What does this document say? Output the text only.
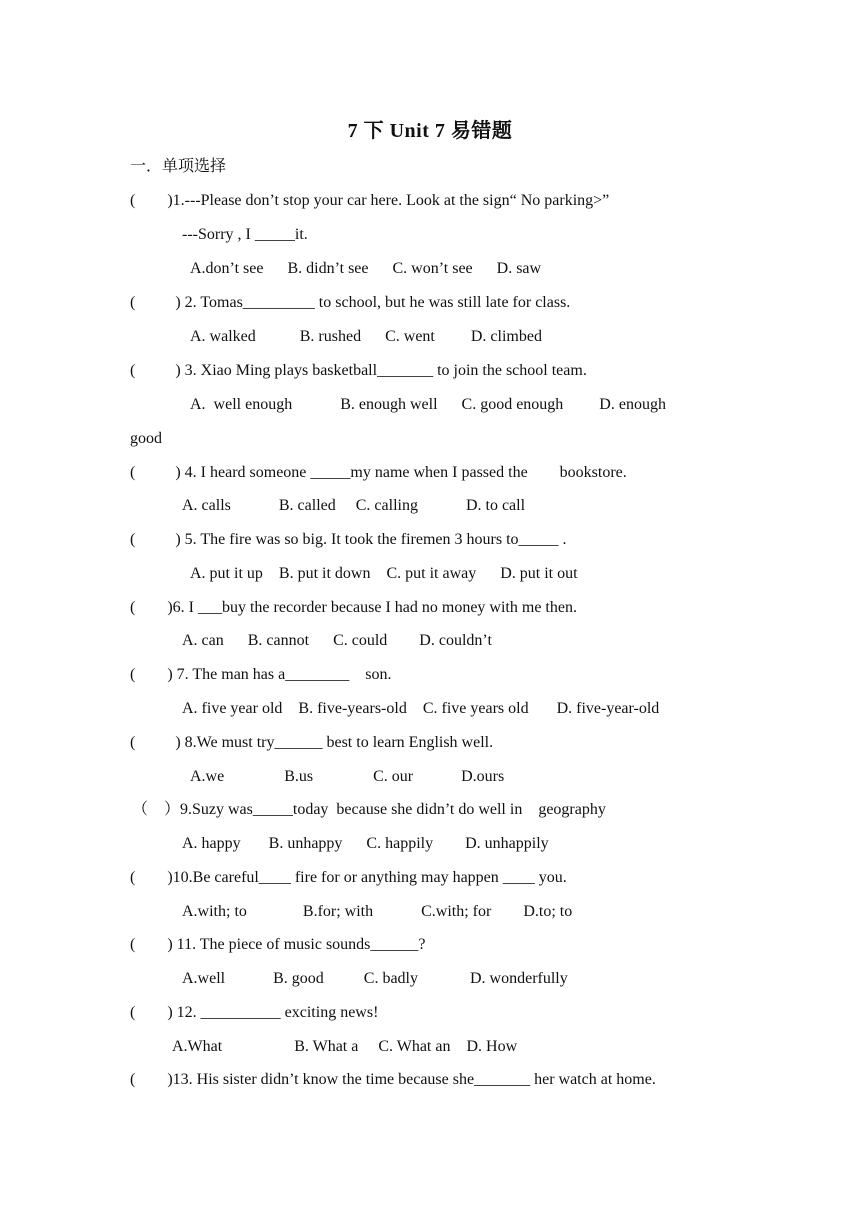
7 下 Unit 7 易错题
一．单项选择
(        )1.---Please don’t stop your car here. Look at the sign“ No parking>”
---Sorry , I _____it.
A.don’t see      B. didn’t see      C. won’t see      D. saw
(          ) 2. Tomas_________ to school, but he was still late for class.
A. walked           B. rushed      C. went         D. climbed
(          ) 3. Xiao Ming plays basketball_______ to join the school team.
A.  well enough            B. enough well      C. good enough         D. enough
good
(          ) 4. I heard someone _____my name when I passed the        bookstore.
A. calls            B. called     C. calling            D. to call
(          ) 5. The fire was so big. It took the firemen 3 hours to_____ .
A. put it up    B. put it down    C. put it away      D. put it out
(        )6. I ___buy the recorder because I had no money with me then.
A. can      B. cannot      C. could        D. couldn’t
(        ) 7. The man has a________    son.
A. five year old    B. five-years-old    C. five years old       D. five-year-old
(          ) 8.We must try______ best to learn English well.
A.we               B.us               C. our            D.ours
（    ）9.Suzy was_____today  because she didn’t do well in    geography
A. happy       B. unhappy      C. happily        D. unhappily
(        )10.Be careful____ fire for or anything may happen ____ you.
A.with; to              B.for; with            C.with; for        D.to; to
(        ) 11. The piece of music sounds______?
A.well            B. good          C. badly             D. wonderfully
(        ) 12. __________ exciting news!
A.What                  B. What a     C. What an    D. How
(        )13. His sister didn’t know the time because she_______ her watch at home.
